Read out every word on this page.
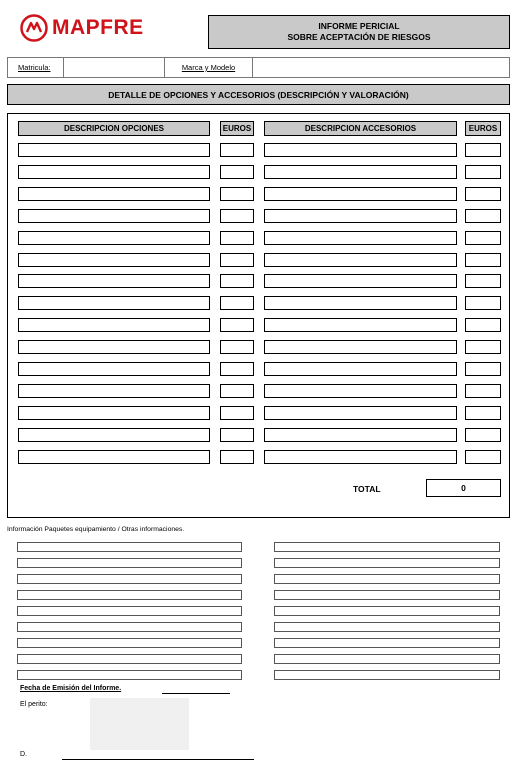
MAPFRE	INFORME PERICIAL
SOBRE ACEPTACIÓN DE RIESGOS
Matricula:	Marca y Modelo
DETALLE DE OPCIONES Y ACCESORIOS (DESCRIPCIÓN Y VALORACIÓN)
DESCRIPCION OPCIONES	EUROS	DESCRIPCION ACCESORIOS	EUROS
TOTAL	0
Información Paquetes equipamiento / Otras informaciones.
Fecha de Emisión del Informe.
El perito:
D.
